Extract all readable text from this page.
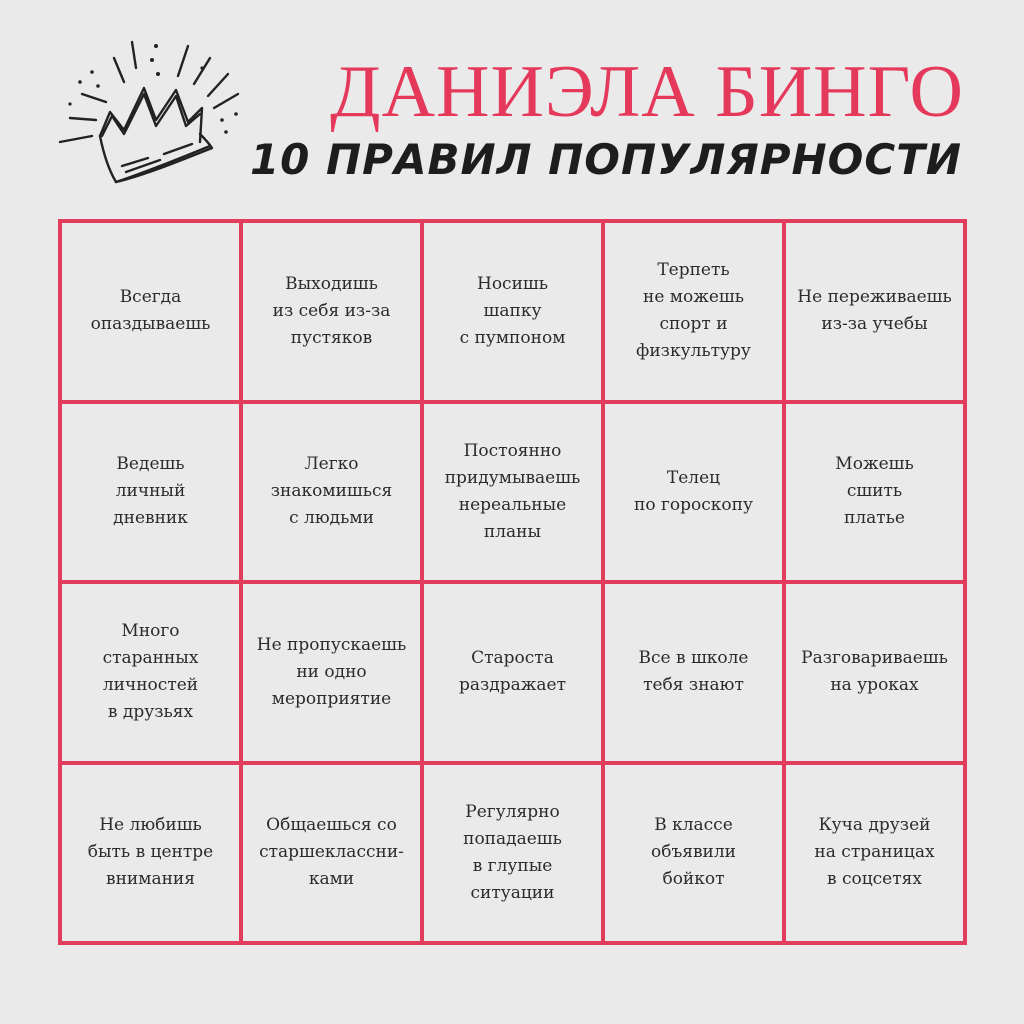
ДАНИЭЛА БИНГО
10 ПРАВИЛ ПОПУЛЯРНОСТИ
Всегда
опаздываешь
Выходишь
из себя из-за
пустяков
Носишь
шапку
с пумпоном
Терпеть
не можешь
спорт и
физкультуру
Не переживаешь
из-за учебы
Ведешь
личный
дневник
Легко
знакомишься
с людьми
Постоянно
придумываешь
нереальные
планы
Телец
по гороскопу
Можешь
сшить
платье
Много
старанных
личностей
в друзьях
Не пропускаешь
ни одно
мероприятие
Староста
раздражает
Все в школе
тебя знают
Разговариваешь
на уроках
Не любишь
быть в центре
внимания
Общаешься со
старшеклассни-
ками
Регулярно
попадаешь
в глупые
ситуации
В классе
объявили
бойкот
Куча друзей
на страницах
в соцсетях
